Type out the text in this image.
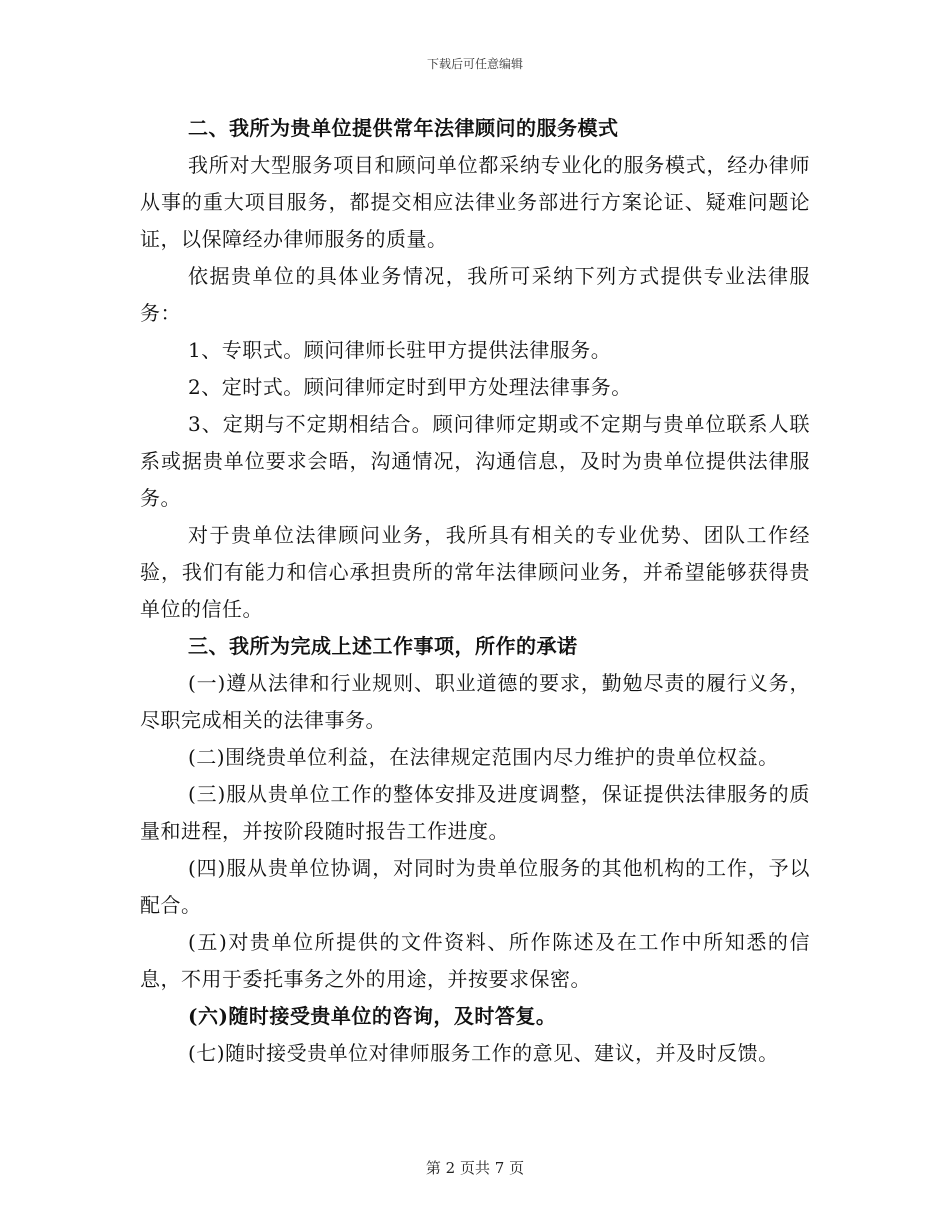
下载后可任意编辑

二、我所为贵单位提供常年法律顾问的服务模式

我所对大型服务项目和顾问单位都采纳专业化的服务模式，经办律师从事的重大项目服务，都提交相应法律业务部进行方案论证、疑难问题论证，以保障经办律师服务的质量。

依据贵单位的具体业务情况，我所可采纳下列方式提供专业法律服务：

1、专职式。顾问律师长驻甲方提供法律服务。

2、定时式。顾问律师定时到甲方处理法律事务。

3、定期与不定期相结合。顾问律师定期或不定期与贵单位联系人联系或据贵单位要求会晤，沟通情况，沟通信息，及时为贵单位提供法律服务。

对于贵单位法律顾问业务，我所具有相关的专业优势、团队工作经验，我们有能力和信心承担贵所的常年法律顾问业务，并希望能够获得贵单位的信任。

三、我所为完成上述工作事项，所作的承诺

(一)遵从法律和行业规则、职业道德的要求，勤勉尽责的履行义务，尽职完成相关的法律事务。

(二)围绕贵单位利益，在法律规定范围内尽力维护的贵单位权益。

(三)服从贵单位工作的整体安排及进度调整，保证提供法律服务的质量和进程，并按阶段随时报告工作进度。

(四)服从贵单位协调，对同时为贵单位服务的其他机构的工作，予以配合。

(五)对贵单位所提供的文件资料、所作陈述及在工作中所知悉的信息，不用于委托事务之外的用途，并按要求保密。

(六)随时接受贵单位的咨询，及时答复。

(七)随时接受贵单位对律师服务工作的意见、建议，并及时反馈。

第 2 页共 7 页
